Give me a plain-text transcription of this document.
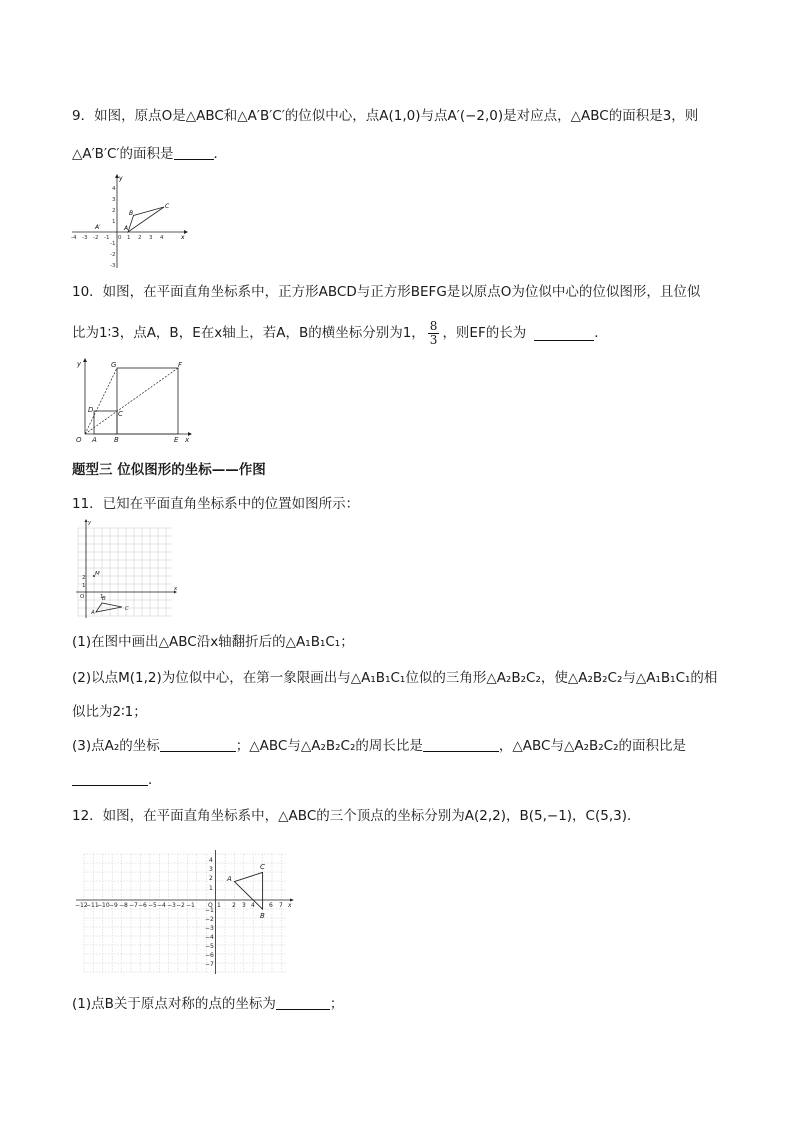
9．如图，原点O是△ABC和△A′B′C′的位似中心，点A(1,0)与点A′(−2,0)是对应点，△ABC的面积是3，则
△A′B′C′的面积是	．
x
y
-4 -3 -2 -1 0 1 2 3 4
4
3
2
1
-1
-2
-3
A
B
C
A′
10．如图，在平面直角坐标系中，正方形ABCD与正方形BEFG是以原点O为位似中心的位似图形，且位似
比为1∶3，点A，B，E在x轴上，若A，B的横坐标分别为1， $\frac{8}{3}$ ，则EF的长为	．
O A B	E x
y
D	C
G	F
题型三 位似图形的坐标——作图
11．已知在平面直角坐标系中的位置如图所示：
y
x
O
2
1
M
1
A
B
C
(1)在图中画出△ABC沿x轴翻折后的△A₁B₁C₁；
(2)以点M(1,2)为位似中心，在第一象限画出与△A₁B₁C₁位似的三角形△A₂B₂C₂，使△A₂B₂C₂与△A₁B₁C₁的相
似比为2∶1；
(3)点A₂的坐标	；△ABC与△A₂B₂C₂的周长比是	，△ABC与△A₂B₂C₂的面积比是
．
12．如图，在平面直角坐标系中，△ABC的三个顶点的坐标分别为A(2,2)，B(5,−1)，C(5,3)．
−12
−11
−10 −9 −8 −7 −6 −5 −4 −3 −2 −1 O 1 2 3 4 6 7 x
4
3
2
1
−1
−2
−3
−4
−5
−6
−7
A
B
C
(1)点B关于原点对称的点的坐标为	；
